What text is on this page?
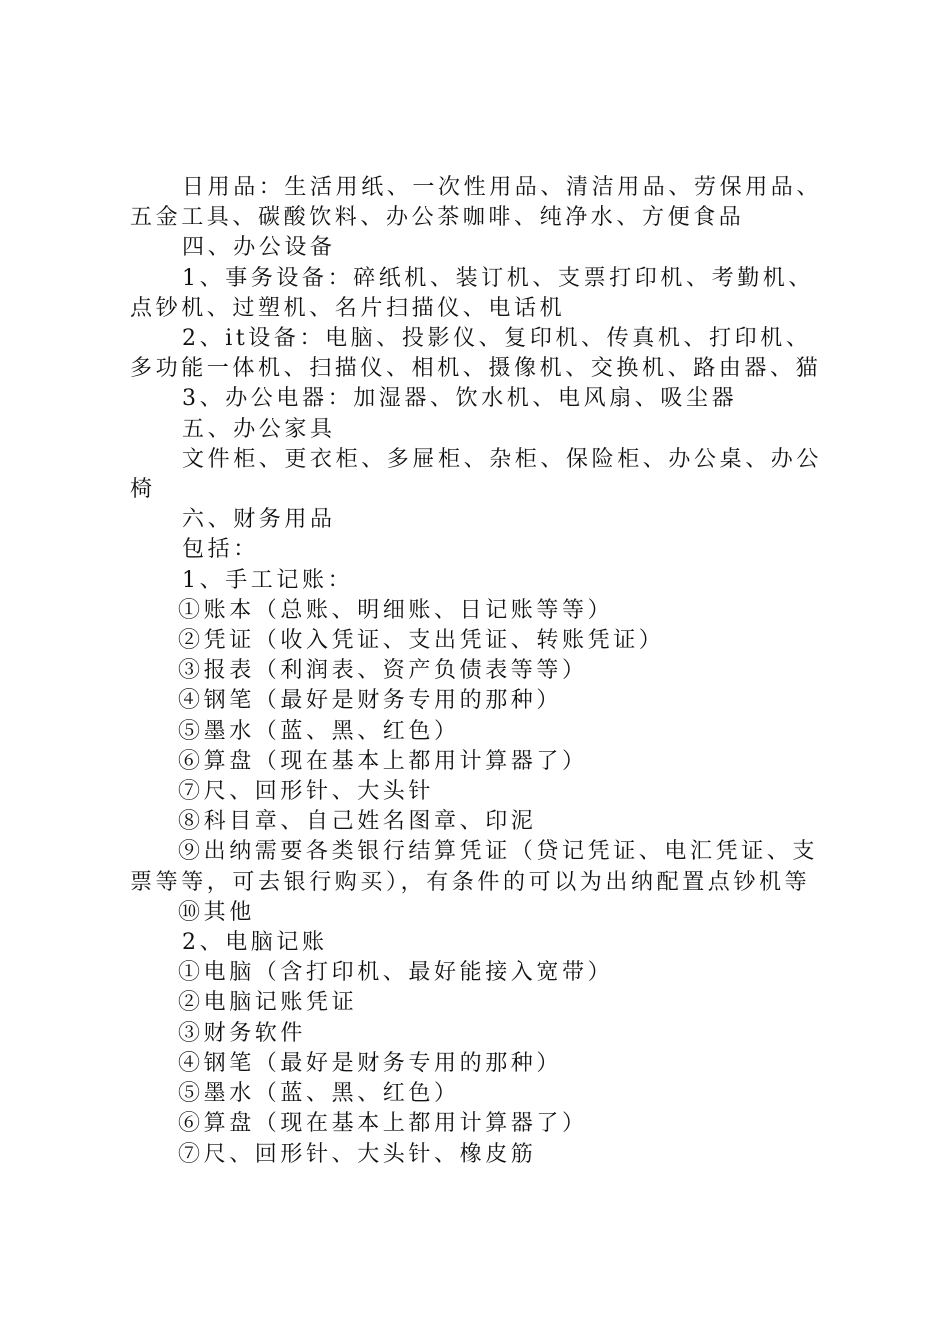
日用品：生活用纸、一次性用品、清洁用品、劳保用品、五金工具、碳酸饮料、办公茶咖啡、纯净水、方便食品

四、办公设备

1、事务设备：碎纸机、装订机、支票打印机、考勤机、点钞机、过塑机、名片扫描仪、电话机

2、it设备：电脑、投影仪、复印机、传真机、打印机、多功能一体机、扫描仪、相机、摄像机、交换机、路由器、猫

3、办公电器：加湿器、饮水机、电风扇、吸尘器

五、办公家具

文件柜、更衣柜、多屉柜、杂柜、保险柜、办公桌、办公椅

六、财务用品

包括：

1、手工记账：

①账本（总账、明细账、日记账等等）

②凭证（收入凭证、支出凭证、转账凭证）

③报表（利润表、资产负债表等等）

④钢笔（最好是财务专用的那种）

⑤墨水（蓝、黑、红色）

⑥算盘（现在基本上都用计算器了）

⑦尺、回形针、大头针

⑧科目章、自己姓名图章、印泥

⑨出纳需要各类银行结算凭证（贷记凭证、电汇凭证、支票等等，可去银行购买），有条件的可以为出纳配置点钞机等

⑩其他

2、电脑记账

①电脑（含打印机、最好能接入宽带）

②电脑记账凭证

③财务软件

④钢笔（最好是财务专用的那种）

⑤墨水（蓝、黑、红色）

⑥算盘（现在基本上都用计算器了）

⑦尺、回形针、大头针、橡皮筋
